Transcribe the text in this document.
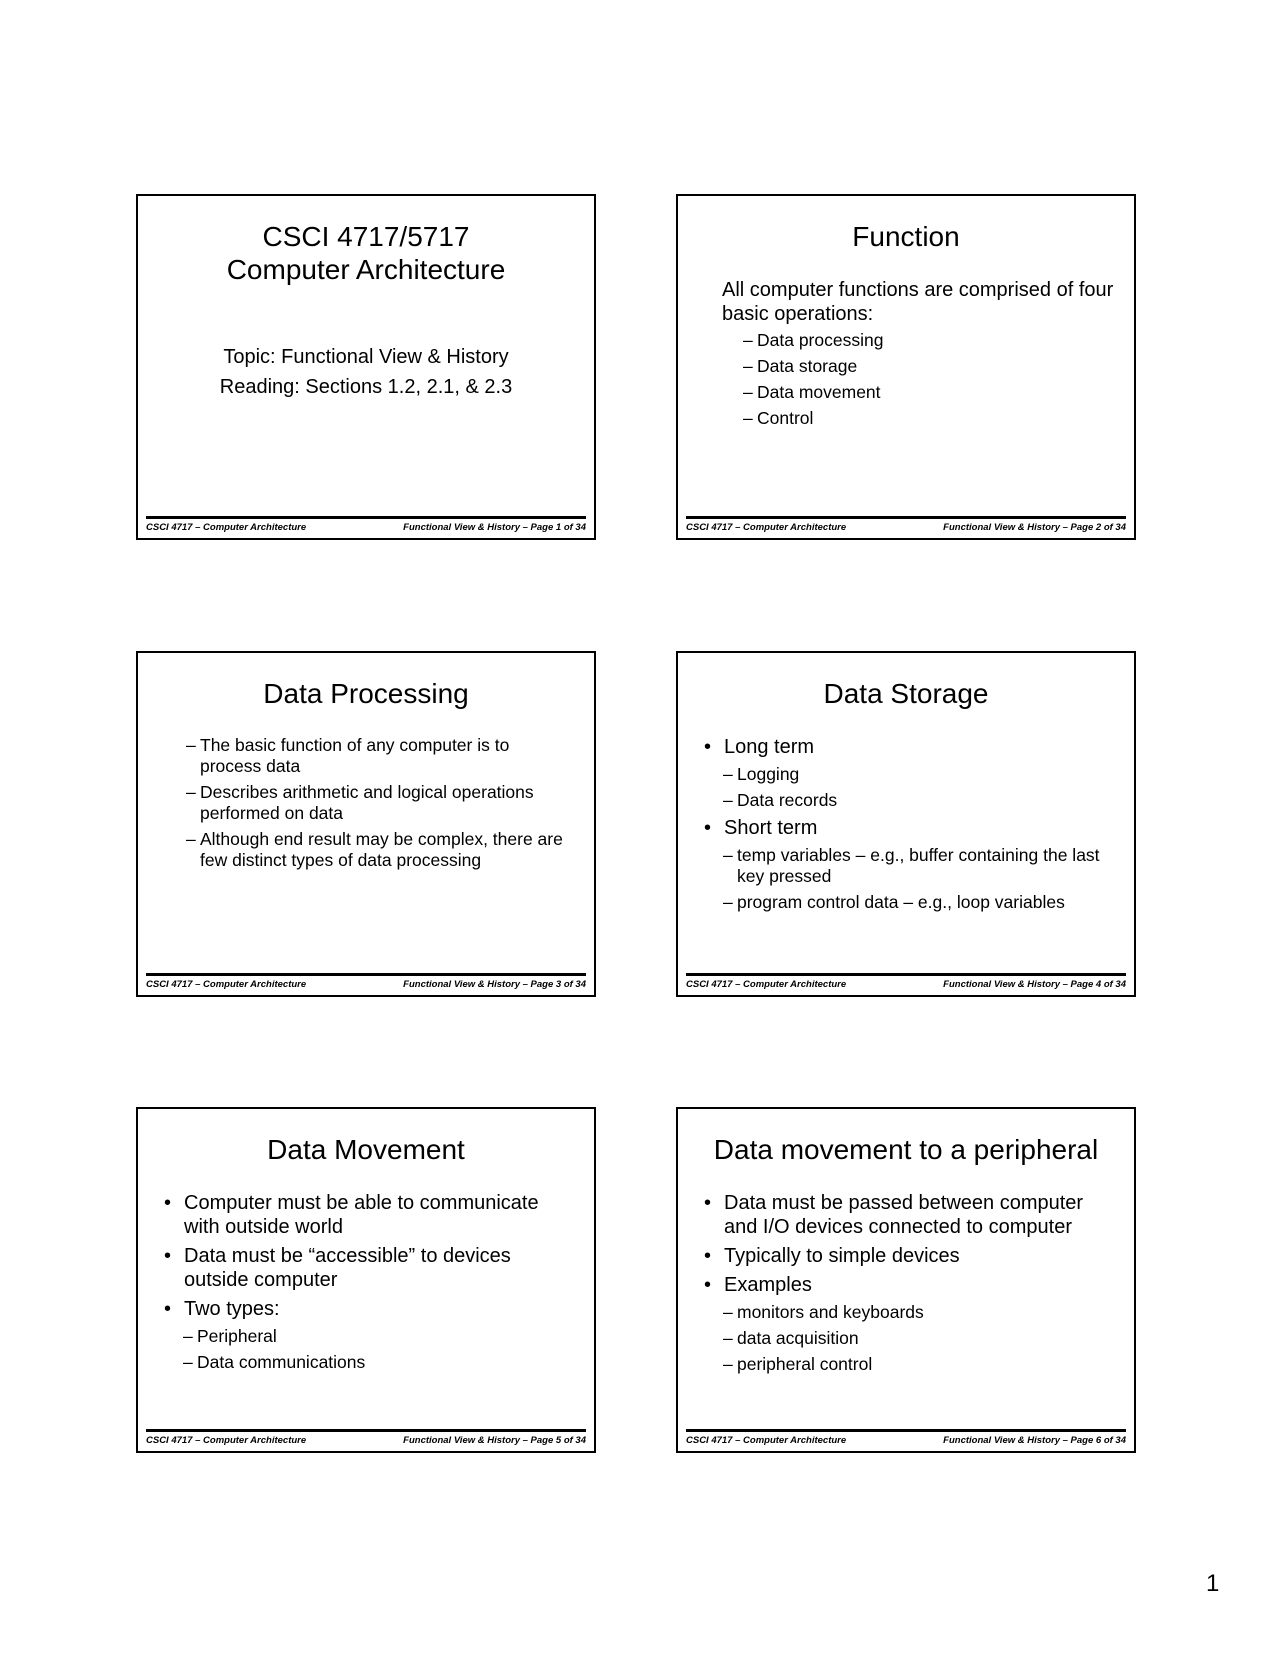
CSCI 4717/5717
Computer Architecture
Topic: Functional View & History
Reading: Sections 1.2, 2.1, & 2.3
CSCI 4717 – Computer Architecture	Functional View & History – Page 1 of 34
Function
All computer functions are comprised of four basic operations:
– Data processing
– Data storage
– Data movement
– Control
CSCI 4717 – Computer Architecture	Functional View & History – Page 2 of 34
Data Processing
– The basic function of any computer is to process data
– Describes arithmetic and logical operations performed on data
– Although end result may be complex, there are few distinct types of data processing
CSCI 4717 – Computer Architecture	Functional View & History – Page 3 of 34
Data Storage
• Long term
– Logging
– Data records
• Short term
– temp variables – e.g., buffer containing the last key pressed
– program control data – e.g., loop variables
CSCI 4717 – Computer Architecture	Functional View & History – Page 4 of 34
Data Movement
• Computer must be able to communicate with outside world
• Data must be “accessible” to devices outside computer
• Two types:
– Peripheral
– Data communications
CSCI 4717 – Computer Architecture	Functional View & History – Page 5 of 34
Data movement to a peripheral
• Data must be passed between computer and I/O devices connected to computer
• Typically to simple devices
• Examples
– monitors and keyboards
– data acquisition
– peripheral control
CSCI 4717 – Computer Architecture	Functional View & History – Page 6 of 34
1
